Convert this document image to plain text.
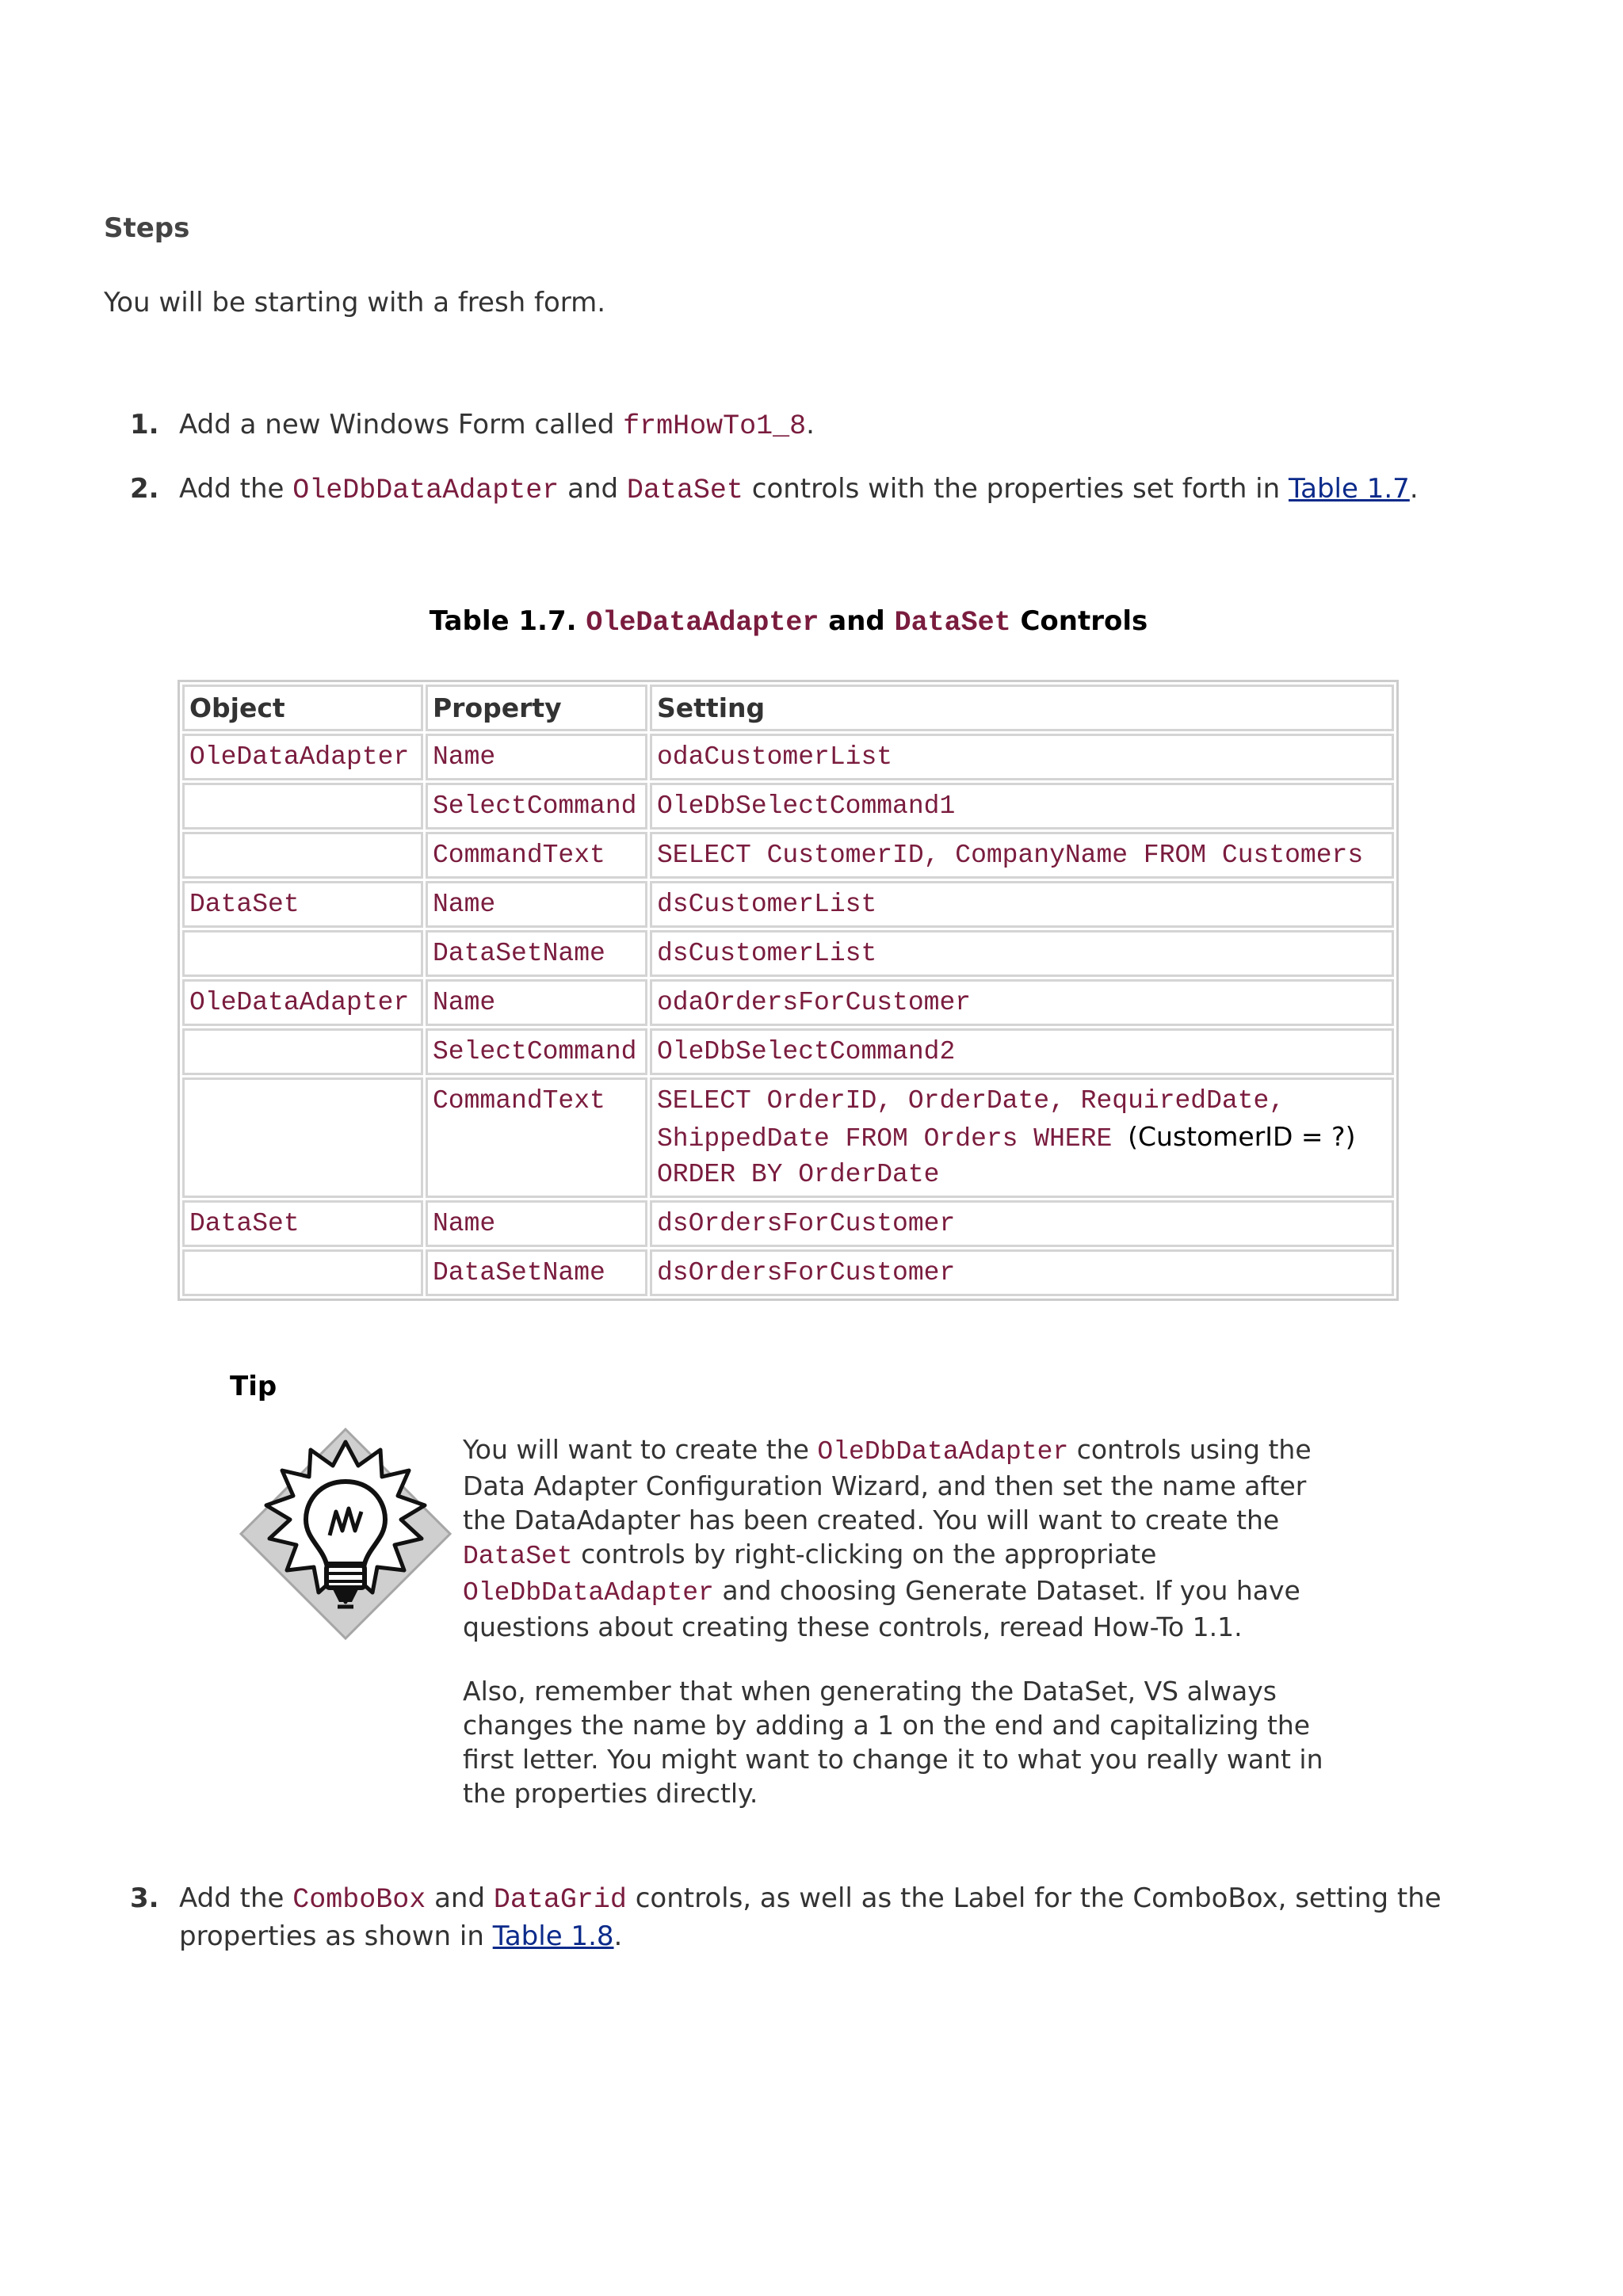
Steps
You will be starting with a fresh form.
1. Add a new Windows Form called frmHowTo1_8.
2. Add the OleDbDataAdapter and DataSet controls with the properties set forth in Table 1.7.
Table 1.7. OleDataAdapter and DataSet Controls
Object	Property	Setting
OleDataAdapter	Name	odaCustomerList
	SelectCommand	OleDbSelectCommand1
	CommandText	SELECT CustomerID, CompanyName FROM Customers
DataSet	Name	dsCustomerList
	DataSetName	dsCustomerList
OleDataAdapter	Name	odaOrdersForCustomer
	SelectCommand	OleDbSelectCommand2
	CommandText	SELECT OrderID, OrderDate, RequiredDate, ShippedDate FROM Orders WHERE (CustomerID = ?) ORDER BY OrderDate
DataSet	Name	dsOrdersForCustomer
	DataSetName	dsOrdersForCustomer
Tip

You will want to create the OleDbDataAdapter controls using the Data Adapter Configuration Wizard, and then set the name after the DataAdapter has been created. You will want to create the DataSet controls by right-clicking on the appropriate OleDbDataAdapter and choosing Generate Dataset. If you have questions about creating these controls, reread How-To 1.1.

Also, remember that when generating the DataSet, VS always changes the name by adding a 1 on the end and capitalizing the first letter. You might want to change it to what you really want in the properties directly.

3. Add the ComboBox and DataGrid controls, as well as the Label for the ComboBox, setting the properties as shown in Table 1.8.
